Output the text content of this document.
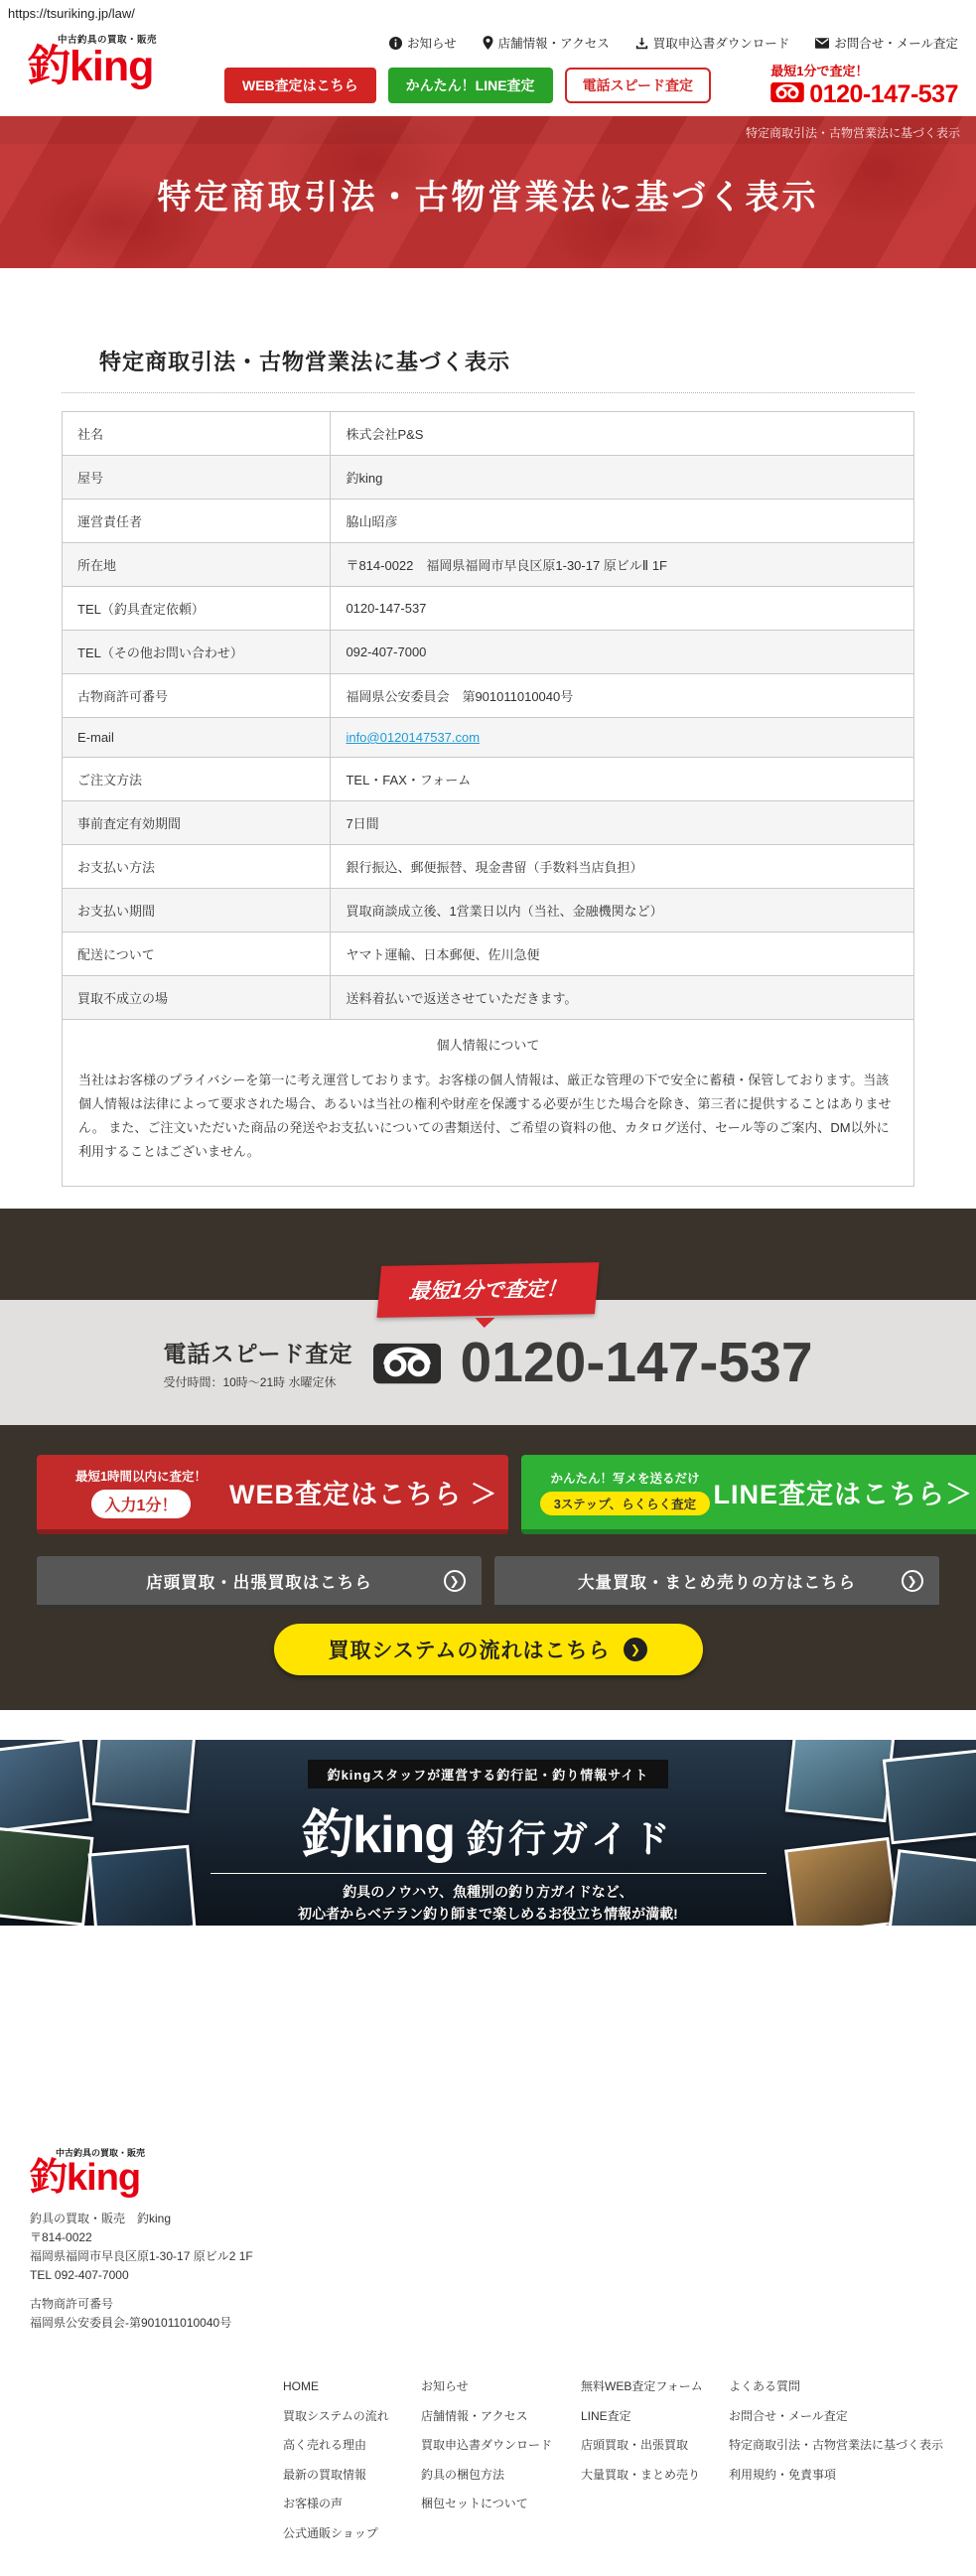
https://tsuriking.jp/law/
中古釣具の買取・販売
釣king	お知らせ	店舗情報・アクセス	買取申込書ダウンロード	お問合せ・メール査定
WEB査定はこちら	かんたん！LINE査定	電話スピード査定
最短1分で査定！
0120-147-537
特定商取引法・古物営業法に基づく表示
特定商取引法・古物営業法に基づく表示
特定商取引法・古物営業法に基づく表示
社名	株式会社P&S
屋号	釣king
運営責任者	脇山昭彦
所在地	〒814-0022　福岡県福岡市早良区原1-30-17 原ビルⅡ 1F
TEL（釣具査定依頼）	0120-147-537
TEL（その他お問い合わせ）	092-407-7000
古物商許可番号	福岡県公安委員会　第901011010040号
E-mail	info@0120147537.com
ご注文方法	TEL・FAX・フォーム
事前査定有効期間	7日間
お支払い方法	銀行振込、郵便振替、現金書留（手数料当店負担）
お支払い期間	買取商談成立後、1営業日以内（当社、金融機関など）
配送について	ヤマト運輸、日本郵便、佐川急便
買取不成立の場	送料着払いで返送させていただきます。
個人情報について
当社はお客様のプライバシーを第一に考え運営しております。お客様の個人情報は、厳正な管理の下で安全に蓄積・保管しております。当該個人情報は法律によって要求された場合、あるいは当社の権利や財産を保護する必要が生じた場合を除き、第三者に提供することはありません。 また、ご注文いただいた商品の発送やお支払いについての書類送付、ご希望の資料の他、カタログ送付、セール等のご案内、DM以外に利用することはございません。
最短1分で査定！
電話スピード査定
受付時間：10時〜21時 水曜定休 0120-147-537
最短1時間以内に査定！
入力1分！	WEB査定はこちら ＞
かんたん！写メを送るだけ
3ステップ、らくらく査定 LINE査定はこちら＞
店頭買取・出張買取はこちら	❯	大量買取・まとめ売りの方はこちら	❯
買取システムの流れはこちら	❯
釣kingスタッフが運営する釣行記・釣り情報サイト
釣king 釣行ガイド
釣具のノウハウ、魚種別の釣り方ガイドなど、
初心者からベテラン釣り師まで楽しめるお役立ち情報が満載!
中古釣具の買取・販売
釣king
釣具の買取・販売　釣king
〒814-0022
福岡県福岡市早良区原1-30-17 原ビル2 1F
TEL 092-407-7000
古物商許可番号
福岡県公安委員会-第901011010040号
HOME
買取システムの流れ
高く売れる理由
最新の買取情報
お客様の声
公式通販ショップ
お知らせ
店舗情報・アクセス
買取申込書ダウンロード
釣具の梱包方法
梱包セットについて
無料WEB査定フォーム
LINE査定
店頭買取・出張買取
大量買取・まとめ売り
よくある質問
お問合せ・メール査定
特定商取引法・古物営業法に基づく表示
利用規約・免責事項
